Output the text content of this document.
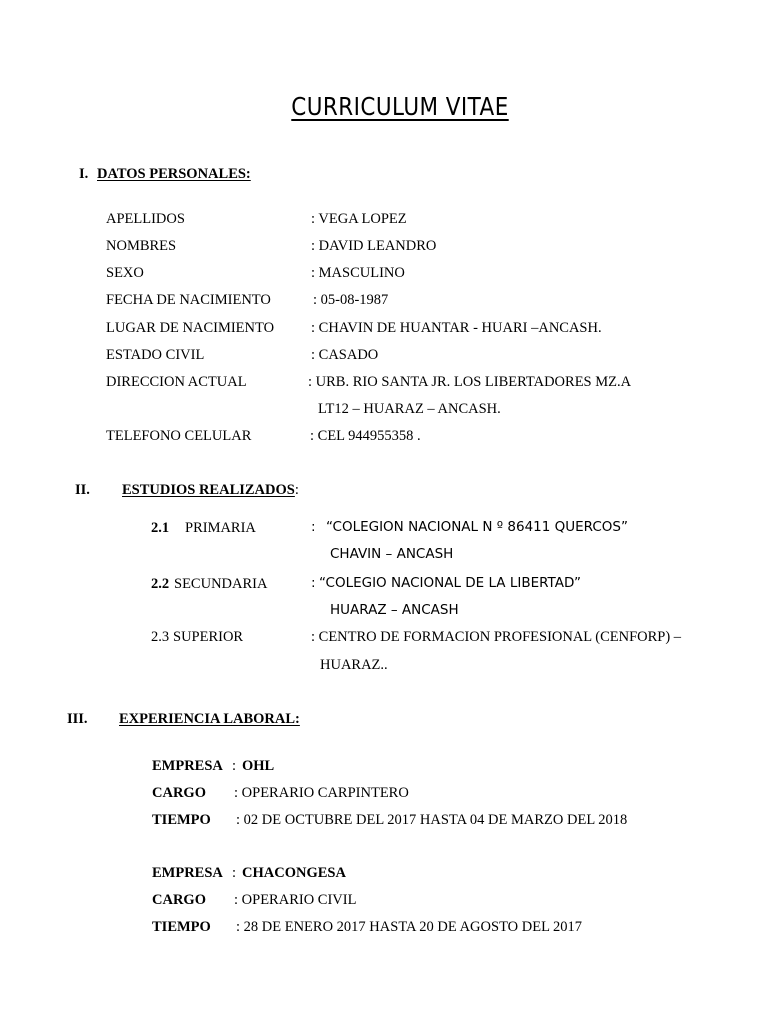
CURRICULUM VITAE
I. DATOS PERSONALES:
APELLIDOS	: VEGA LOPEZ
NOMBRES	: DAVID LEANDRO
SEXO	: MASCULINO
FECHA DE NACIMIENTO	: 05-08-1987
LUGAR DE NACIMIENTO	: CHAVIN DE HUANTAR - HUARI –ANCASH.
ESTADO CIVIL	: CASADO
DIRECCION ACTUAL	: URB. RIO SANTA JR. LOS LIBERTADORES MZ.A
LT12 – HUARAZ – ANCASH.
TELEFONO CELULAR	: CEL 944955358 .
II. ESTUDIOS REALIZADOS:
2.1 PRIMARIA	: “COLEGION NACIONAL N º 86411 QUERCOS”
CHAVIN – ANCASH
2.2 SECUNDARIA	: “COLEGIO NACIONAL DE LA LIBERTAD”
HUARAZ – ANCASH
2.3 SUPERIOR	: CENTRO DE FORMACION PROFESIONAL (CENFORP) –
HUARAZ..
III. EXPERIENCIA LABORAL:
EMPRESA : OHL
CARGO : OPERARIO CARPINTERO
TIEMPO : 02 DE OCTUBRE DEL 2017 HASTA 04 DE MARZO DEL 2018
EMPRESA : CHACONGESA
CARGO : OPERARIO CIVIL
TIEMPO : 28 DE ENERO 2017 HASTA 20 DE AGOSTO DEL 2017
